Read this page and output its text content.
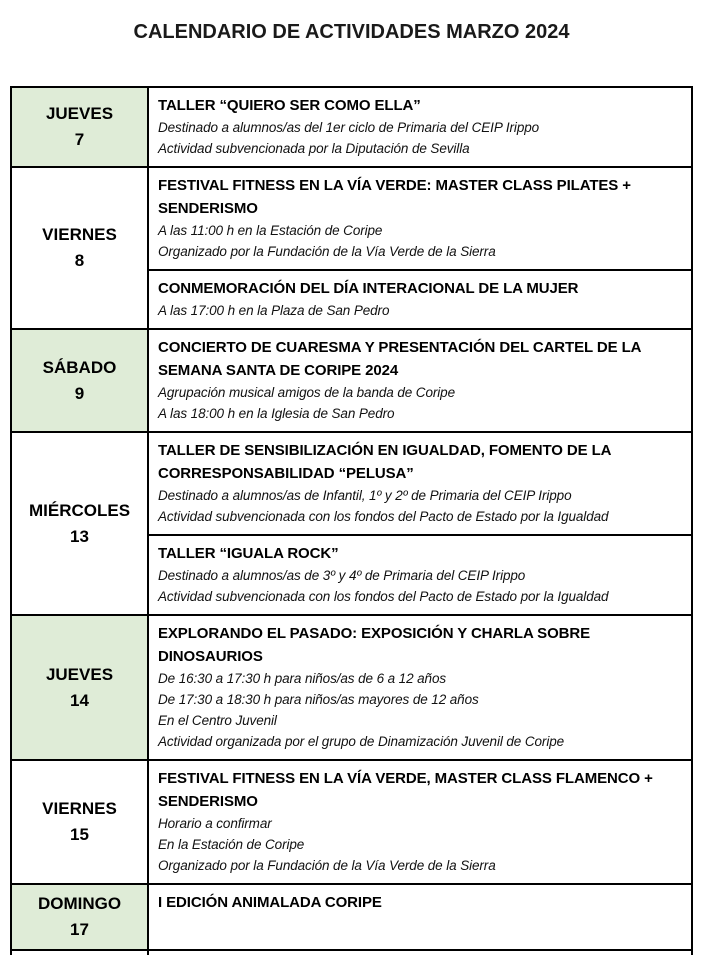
CALENDARIO DE ACTIVIDADES MARZO 2024
JUEVES
7
TALLER “QUIERO SER COMO ELLA”
Destinado a alumnos/as del 1er ciclo de Primaria del CEIP Irippo
Actividad subvencionada por la Diputación de Sevilla
VIERNES
8
FESTIVAL FITNESS EN LA VÍA VERDE: MASTER CLASS PILATES + SENDERISMO
A las 11:00 h en la Estación de Coripe
Organizado por la Fundación de la Vía Verde de la Sierra
CONMEMORACIÓN DEL DÍA INTERACIONAL DE LA MUJER
A las 17:00 h en la Plaza de San Pedro
SÁBADO
9
CONCIERTO DE CUARESMA Y PRESENTACIÓN DEL CARTEL DE LA SEMANA SANTA DE CORIPE 2024
Agrupación musical amigos de la banda de Coripe
A las 18:00 h en la Iglesia de San Pedro
MIÉRCOLES
13
TALLER DE SENSIBILIZACIÓN EN IGUALDAD, FOMENTO DE LA CORRESPONSABILIDAD “PELUSA”
Destinado a alumnos/as de Infantil, 1º y 2º de Primaria del CEIP Irippo
Actividad subvencionada con los fondos del Pacto de Estado por la Igualdad
TALLER “IGUALA ROCK”
Destinado a alumnos/as de 3º y 4º de Primaria del CEIP Irippo
Actividad subvencionada con los fondos del Pacto de Estado por la Igualdad
JUEVES
14
EXPLORANDO EL PASADO: EXPOSICIÓN Y CHARLA SOBRE DINOSAURIOS
De 16:30 a 17:30 h para niños/as de 6 a 12 años
De 17:30 a 18:30 h para niños/as mayores de 12 años
En el Centro Juvenil
Actividad organizada por el grupo de Dinamización Juvenil de Coripe
VIERNES
15
FESTIVAL FITNESS EN LA VÍA VERDE, MASTER CLASS FLAMENCO + SENDERISMO
Horario a confirmar
En la Estación de Coripe
Organizado por la Fundación de la Vía Verde de la Sierra
DOMINGO
17
I EDICIÓN ANIMALADA CORIPE
